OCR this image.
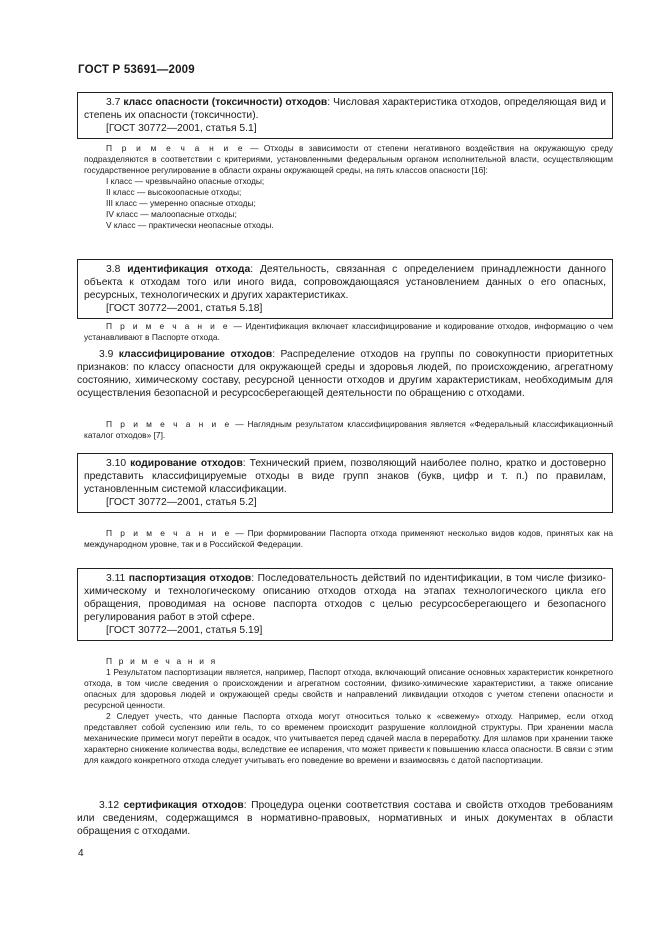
ГОСТ Р 53691—2009

3.7 класс опасности (токсичности) отходов: Числовая характеристика отходов, определяющая вид и степень их опасности (токсичности).

[ГОСТ 30772—2001, статья 5.1]

П р и м е ч а н и е — Отходы в зависимости от степени негативного воздействия на окружающую среду подразделяются в соответствии с критериями, установленными федеральным органом исполнительной власти, осуществляющим государственное регулирование в области охраны окружающей среды, на пять классов опасности [16]:

I класс — чрезвычайно опасные отходы;

II класс — высокоопасные отходы;

III класс — умеренно опасные отходы;

IV класс — малоопасные отходы;

V класс — практически неопасные отходы.

3.8 идентификация отхода: Деятельность, связанная с определением принадлежности данного объекта к отходам того или иного вида, сопровождающаяся установлением данных о его опасных, ресурсных, технологических и других характеристиках.

[ГОСТ 30772—2001, статья 5.18]

П р и м е ч а н и е — Идентификация включает классифицирование и кодирование отходов, информацию о чем устанавливают в Паспорте отхода.

3.9 классифицирование отходов: Распределение отходов на группы по совокупности приоритетных признаков: по классу опасности для окружающей среды и здоровья людей, по происхождению, агрегатному состоянию, химическому составу, ресурсной ценности отходов и другим характеристикам, необходимым для осуществления безопасной и ресурсосберегающей деятельности по обращению с отходами.

П р и м е ч а н и е — Наглядным результатом классифицирования является «Федеральный классификационный каталог отходов» [7].

3.10 кодирование отходов: Технический прием, позволяющий наиболее полно, кратко и достоверно представить классифицируемые отходы в виде групп знаков (букв, цифр и т. п.) по правилам, установленным системой классификации.

[ГОСТ 30772—2001, статья 5.2]

П р и м е ч а н и е — При формировании Паспорта отхода применяют несколько видов кодов, принятых как на международном уровне, так и в Российской Федерации.

3.11 паспортизация отходов: Последовательность действий по идентификации, в том числе физико-химическому и технологическому описанию отходов отхода на этапах технологического цикла его обращения, проводимая на основе паспорта отходов с целью ресурсосберегающего и безопасного регулирования работ в этой сфере.

[ГОСТ 30772—2001, статья 5.19]

П р и м е ч а н и я

1 Результатом паспортизации является, например, Паспорт отхода, включающий описание основных характеристик конкретного отхода, в том числе сведения о происхождении и агрегатном состоянии, физико-химические характеристики, а также описание опасных для здоровья людей и окружающей среды свойств и направлений ликвидации отходов с учетом степени опасности и ресурсной ценности.

2 Следует учесть, что данные Паспорта отхода могут относиться только к «свежему» отходу. Например, если отход представляет собой суспензию или гель, то со временем происходит разрушение коллоидной структуры. При хранении масла механические примеси могут перейти в осадок, что учитывается перед сдачей масла в переработку. Для шламов при хранении также характерно снижение количества воды, вследствие ее испарения, что может привести к повышению класса опасности. В связи с этим для каждого конкретного отхода следует учитывать его поведение во времени и взаимосвязь с датой паспортизации.

3.12 сертификация отходов: Процедура оценки соответствия состава и свойств отходов требованиям или сведениям, содержащимся в нормативно-правовых, нормативных и иных документах в области обращения с отходами.

4
